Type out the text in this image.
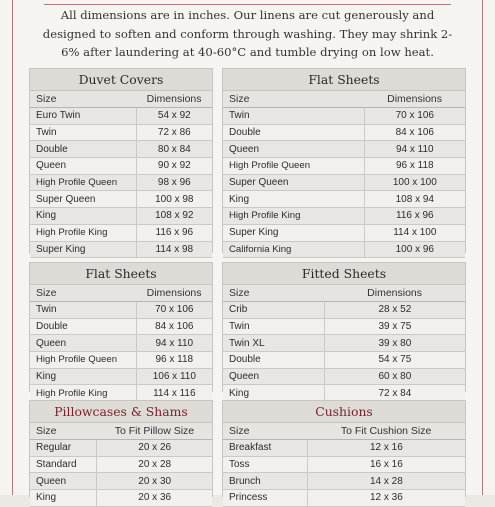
All dimensions are in inches. Our linens are cut generously and designed to soften and conform through washing. They may shrink 2-6% after laundering at 40-60°C and tumble drying on low heat.
Duvet Covers
Size	Dimensions
Euro Twin	54 x 92
Twin	72 x 86
Double	80 x 84
Queen	90 x 92
High Profile Queen	98 x 96
Super Queen	100 x 98
King	108 x 92
High Profile King	116 x 96
Super King	114 x 98
Flat Sheets
Size	Dimensions
Twin	70 x 106
Double	84 x 106
Queen	94 x 110
High Profile Queen	96 x 118
Super Queen	100 x 100
King	108 x 94
High Profile King	116 x 96
Super King	114 x 100
California King	100 x 96
Flat Sheets
Size	Dimensions
Twin	70 x 106
Double	84 x 106
Queen	94 x 110
High Profile Queen	96 x 118
King	106 x 110
High Profile King	114 x 116
Fitted Sheets
Size	Dimensions
Crib	28 x 52
Twin	39 x 75
Twin XL	39 x 80
Double	54 x 75
Queen	60 x 80
King	72 x 84
Pillowcases & Shams
Size	To Fit Pillow Size
Regular	20 x 26
Standard	20 x 28
Queen	20 x 30
King	20 x 36
Cushions
Size	To Fit Cushion Size
Breakfast	12 x 16
Toss	16 x 16
Brunch	14 x 28
Princess	12 x 36
